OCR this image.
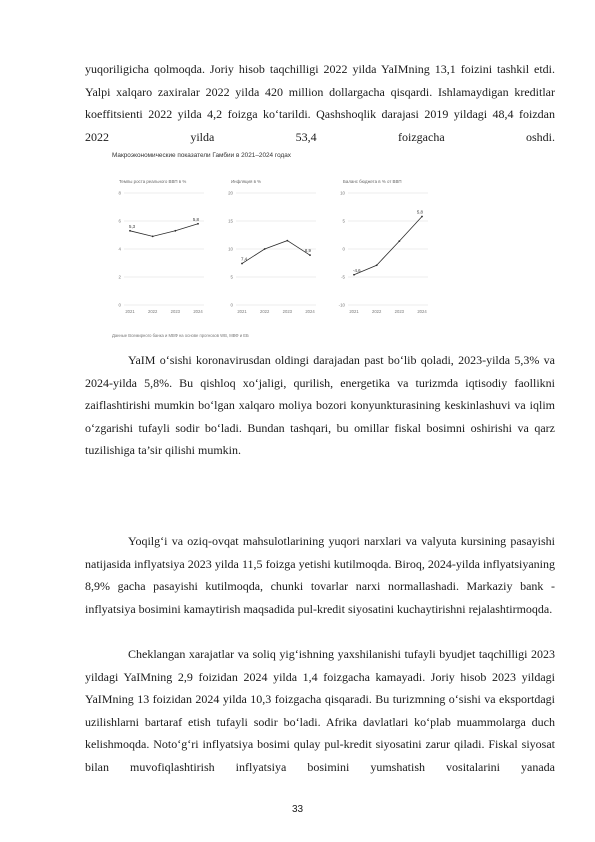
yuqoriligicha qolmoqda. Joriy hisob taqchilligi 2022 yilda YaIMning 13,1 foizini tashkil etdi. Yalpi xalqaro zaxiralar 2022 yilda 420 million dollargacha qisqardi. Ishlamaydigan kreditlar koeffitsienti 2022 yilda 4,2 foizga ko‘tarildi. Qashshoqlik darajasi 2019 yildagi 48,4 foizdan 2022 yilda 53,4 foizgacha oshdi.

Макроэкономические показатели Гамбии в 2021–2024 годах
Темпы роста реального ВВП в %
0
2
4
6
8
2021	2022	2023	2024
5,3
5,8
Инфляция в %
0
5
10
15
20
2021	2022	2023	2024
7,4
8,9
Баланс бюджета в % от ВВП
-10
-5
0
5
10
2021	2022	2023	2024
-4,6
5,8
Данные Всемирного банка и МВФ на основе прогнозов WB, МВФ и ЕБ

YaIM o‘sishi koronavirusdan oldingi darajadan past bo‘lib qoladi, 2023-yilda 5,3% va 2024-yilda 5,8%. Bu qishloq xo‘jaligi, qurilish, energetika va turizmda iqtisodiy faollikni zaiflashtirishi mumkin bo‘lgan xalqaro moliya bozori konyunkturasining keskinlashuvi va iqlim o‘zgarishi tufayli sodir bo‘ladi. Bundan tashqari, bu omillar fiskal bosimni oshirishi va qarz tuzilishiga ta’sir qilishi mumkin.

Yoqilg‘i va oziq-ovqat mahsulotlarining yuqori narxlari va valyuta kursining pasayishi natijasida inflyatsiya 2023 yilda 11,5 foizga yetishi kutilmoqda. Biroq, 2024-yilda inflyatsiyaning 8,9% gacha pasayishi kutilmoqda, chunki tovarlar narxi normallashadi. Markaziy bank -inflyatsiya bosimini kamaytirish maqsadida pul-kredit siyosatini kuchaytirishni rejalashtirmoqda.

Cheklangan xarajatlar va soliq yig‘ishning yaxshilanishi tufayli byudjet taqchilligi 2023 yildagi YaIMning 2,9 foizidan 2024 yilda 1,4 foizgacha kamayadi. Joriy hisob 2023 yildagi YaIMning 13 foizidan 2024 yilda 10,3 foizgacha qisqaradi. Bu turizmning o‘sishi va eksportdagi uzilishlarni bartaraf etish tufayli sodir bo‘ladi. Afrika davlatlari ko‘plab muammolarga duch kelishmoqda. Noto‘g‘ri inflyatsiya bosimi qulay pul-kredit siyosatini zarur qiladi. Fiskal siyosat bilan muvofiqlashtirish inflyatsiya bosimini yumshatish vositalarini yanada

33
